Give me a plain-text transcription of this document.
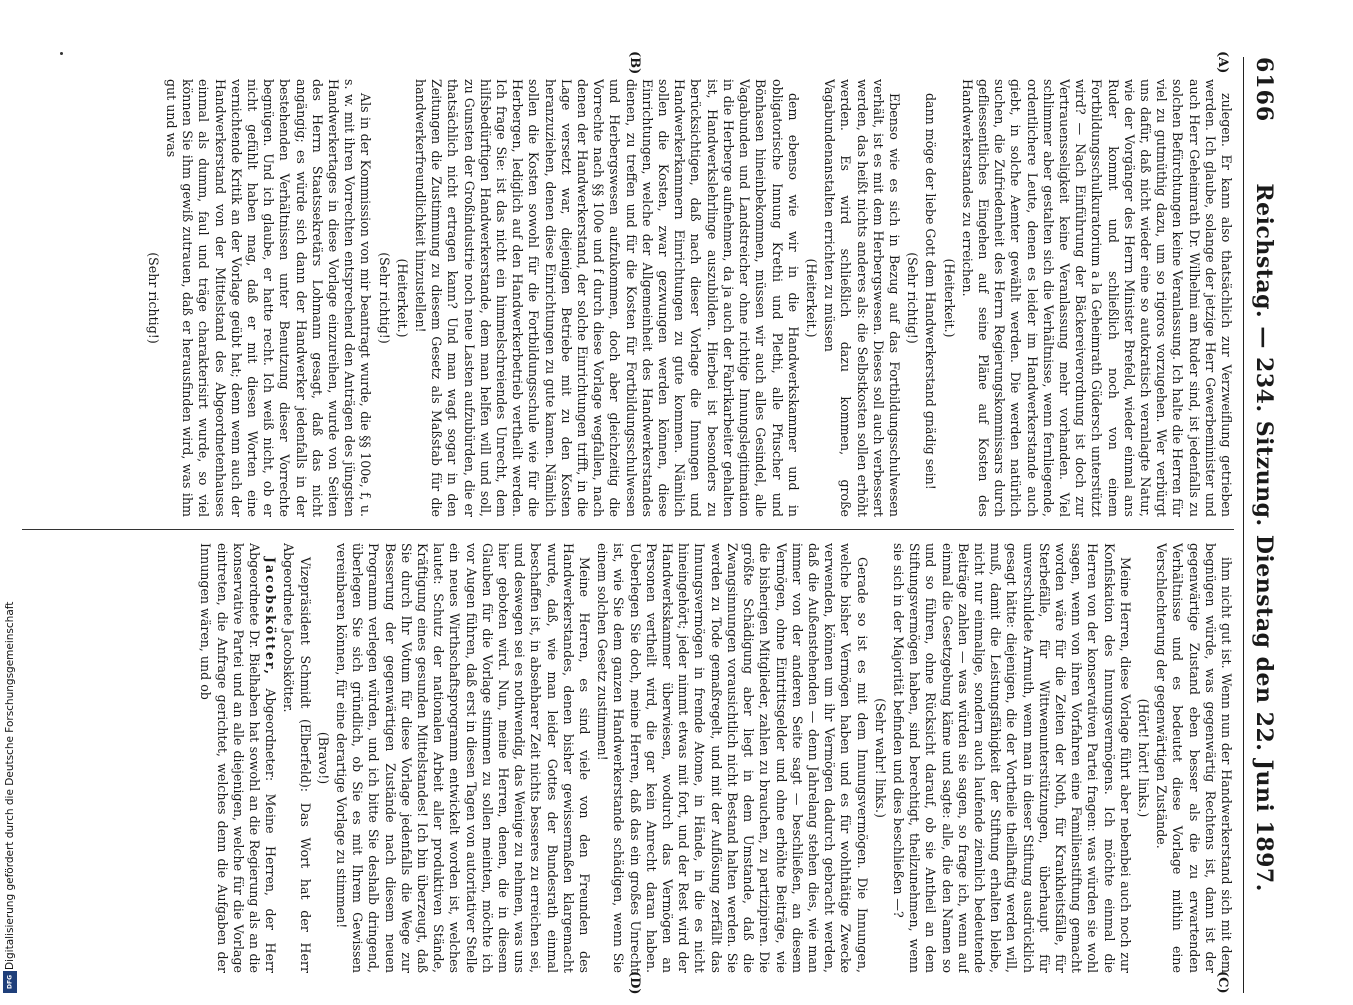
6166
Reichstag. — 234. Sitzung. Dienstag den 22. Juni 1897.
(A)
(B)
(C)
(D)

zulegen. Er kann also thatsächlich zur Verzweiflung getrieben werden. Ich glaube, solange der jetzige Herr Gewerbeminister und auch Herr Geheimrath Dr. Wilhelmi am Ruder sind, ist jedenfalls zu solchen Befürchtungen keine Veranlassung. Ich halte die Herren für viel zu gutmüthig dazu, um so rigoros vorzugehen. Wer verbürgt uns dafür, daß nicht wieder eine so autokratisch veranlagte Natur, wie der Vorgänger des Herrn Minister Brefeld, wieder einmal ans Ruder kommt und schließlich noch von einem Fortbildungsschulkuratorium a la Geheimrath Güdersch unterstützt wird? — Nach Einführung der Bäckereiverordnung ist doch zur Vertrauensseligkeit keine Veranlassung mehr vorhanden. Viel schlimmer aber gestalten sich die Verhältnisse, wenn fernliegende, ordentlichere Leute, denen es leider im Handwerkerstande auch giebt, in solche Aemter gewählt werden. Die werden natürlich suchen, die Zufriedenheit des Herrn Regierungskommissars durch gefliessentliches Eingehen auf seine Pläne auf Kosten des Handwerkerstandes zu erreichen.

(Heiterkeit.)

dann möge der liebe Gott dem Handwerkerstand gnädig sein!

(Sehr richtig!)

Ebenso wie es sich in Bezug auf das Fortbildungsschulwesen verhält, ist es mit dem Herbergswesen. Dieses soll auch verbessert werden, das heißt nichts anderes als: die Selbstkosten sollen erhöht werden. Es wird schließlich dazu kommen, große Vagabundenanstalten errichten zu müssen

(Heiterkeit.)

dem ebenso wie wir in die Handwerkskammer und in obligatorische Innung Krethi und Plethi, alle Pfuscher und Bönhasen hineinbekommen, müssen wir auch alles Gesindel, alle Vagabunden und Landstreicher ohne richtige Innungslegitimation in die Herberge aufnehmen, da ja auch der Fabrikarbeiter gehalten ist, Handwerkslehrlinge auszubilden. Hierbei ist besonders zu berücksichtigen, daß nach dieser Vorlage die Innungen und Handwerkerkammern Einrichtungen zu gute kommen. Nämlich sollen die Kosten, zwar gezwungen werden können, diese Einrichtungen, welche der Allgemeinheit des Handwerkerstandes dienen, zu treffen und für die Kosten für Fortbildungsschulwesen und Herbergswesen aufzukommen, doch aber gleichzeitig die Vorrechte nach §§ 100e und f durch diese Vorlage wegfallen, nach denen der Handwerkerstand, der solche Einrichtungen trifft, in die Lage versetzt war, diejenigen Betriebe mit zu den Kosten heranzuziehen, denen diese Einrichtungen zu gute kamen. Nämlich sollen die Kosten sowohl für die Fortbildungsschule wie für die Herbergen, lediglich auf den Handwerkerbetrieb vertheilt werden. Ich frage Sie: ist das nicht ein himmelschreiendes Unrecht, dem hilfsbedürftigen Handwerkerstande, dem man helfen will und soll, zu Gunsten der Großindustrie noch neue Lasten aufzubürden, die er thatsächlich nicht ertragen kann? Und man wagt sogar in den Zeitungen die Zustimmung zu diesem Gesetz als Maßstab für die handwerkerfreundlichkeit hinzustellen!

(Heiterkeit.)

(Sehr richtig!)

Als in der Kommission von mir beantragt wurde, die §§ 100e, f, u. s. w. mit ihren Vorrechten entsprechend den Anträgen des jüngsten Handwerkertages in diese Vorlage einzureihen, wurde von Seiten des Herrn Staatssekretärs Lohmann gesagt, daß das nicht angängig; es würde sich dann der Handwerker jedenfalls in der bestehenden Verhältnissen unter Benutzung dieser Vorrechte begnügen. Und ich glaube, er hatte recht. Ich weiß nicht, ob er nicht gefühlt haben mag, daß er mit diesen Worten eine vernichtende Kritik an der Vorlage geübt hat; denn wenn auch der Handwerkerstand von der Mittelstand des Abgeordnetenhauses einmal als dumm, faul und träge charakterisirt wurde, so viel können Sie ihm gewiß zutrauen, daß er herausfinden wird, was ihm gut und was

(Sehr richtig!)

ihm nicht gut ist. Wenn nun der Handwerkerstand sich mit dem begnügen würde, was gegenwärtig Rechtens ist, dann ist der gegenwärtige Zustand eben besser als die zu erwartenden Verhältnisse und es bedeutet diese Vorlage mithin eine Verschlechterung der gegenwärtigen Zustände.

(Hört! hört! links.)

Meine Herren, diese Vorlage führt aber nebenbei auch noch zur Konfiskation des Innungsvermögens. Ich möchte einmal die Herren von der konservativen Partei fragen: was würden sie wohl sagen, wenn von ihren Vorfahren eine Familienstiftung gemacht worden wäre für die Zeiten der Noth, für Krankheitsfälle, für Sterbefälle, für Wittwenunterstützungen, überhaupt für unverschuldete Armuth, wenn man in dieser Stiftung ausdrücklich gesagt hätte: diejenigen, die der Vortheile theilhaftig werden will, muß, damit die Leistungsfähigkeit der Stiftung erhalten bleibe, nicht nur einmalige, sondern auch laufende ziemlich bedeutende Beiträge zahlen — was würden sie sagen, so frage ich, wenn auf einmal die Gesetzgebung käme und sagte: alle, die den Namen so und so führen, ohne Rücksicht darauf, ob sie Antheil an dem Stiftungsvermögen haben, sind berechtigt, theilzunehmen, wenn sie sich in der Majorität befinden und dies beschließen —?

(Sehr wahr! links.)

Gerade so ist es mit dem Innungsvermögen. Die Innungen, welche bisher Vermögen haben und es für wohlthätige Zwecke verwenden, können um ihr Vermögen dadurch gebracht werden, daß die Außenstehenden — denn Jahrelang stehen dies, wie man immer von der anderen Seite sagt — beschließen, an diesem Vermögen, ohne Eintrittsgelder und ohne erhöhte Beiträge, wie die bisherigen Mitglieder, zahlen zu brauchen, zu partizipiren. Die größte Schädigung aber liegt in dem Umstande, daß die Zwangsinnungen vorausichtlich nicht Bestand halten werden. Sie werden zu Tode gemaßregelt, und mit der Auflösung zerfällt das Innungsvermögen in fremde Atome, in Hände, in die es nicht hineingehört; jeder nimmt etwas mit fort, und der Rest wird der Handwerkskammer überwiesen, wodurch das Vermögen an Personen vertheilt wird, die gar kein Anrecht daran haben. Ueberlegen Sie doch, meine Herren, daß das ein großes Unrecht ist, wie Sie dem ganzen Handwerkerstande schädigen, wenn Sie einem solchen Gesetz zustimmen!

Meine Herren, es sind viele von den Freunden des Handwerkerstandes, denen bisher gewissermaßen klargemacht wurde, daß, wie man leider Gottes der Bundesrath einmal beschaffen ist, in absehbarer Zeit nichts besseres zu erreichen sei, und deswegen sei es nothwendig, das Wenige zu nehmen, was uns hier geboten wird. Nun, meine Herren, denen, die in diesem Glauben für die Vorlage stimmen zu sollen meinten, möchte ich vor Augen führen, daß erst in diesen Tagen von autoritativer Stelle ein neues Wirthschaftsprogramm entwickelt worden ist, welches lautet: Schutz der nationalen Arbeit aller produktiven Stände, Kräftigung eines gesunden Mittelstandes! Ich bin überzeugt, daß Sie durch Ihr Votum für diese Vorlage jedenfalls die Wege zur Besserung der gegenwärtigen Zustände nach diesem neuen Programm verlegen würden, und ich bitte Sie deshalb dringend, überlegen Sie sich gründlich, ob Sie es mit Ihrem Gewissen vereinbaren können, für eine derartige Vorlage zu stimmen!

(Bravo!)

Vizepräsident Schmidt (Elberfeld): Das Wort hat der Herr Abgeordnete Jacobskötter.

Jacobskötter, Abgeordneter: Meine Herren, der Herr Abgeordnete Dr. Bielhaben hat sowohl an die Regierung als an die konservative Partei und an alle diejenigen, welche für die Vorlage eintreten, die Anfrage gerichtet, welches denn die Aufgaben der Innungen wären, und ob

Digitalisierung gefördert durch die Deutsche Forschungsgemeinschaft
DFG
